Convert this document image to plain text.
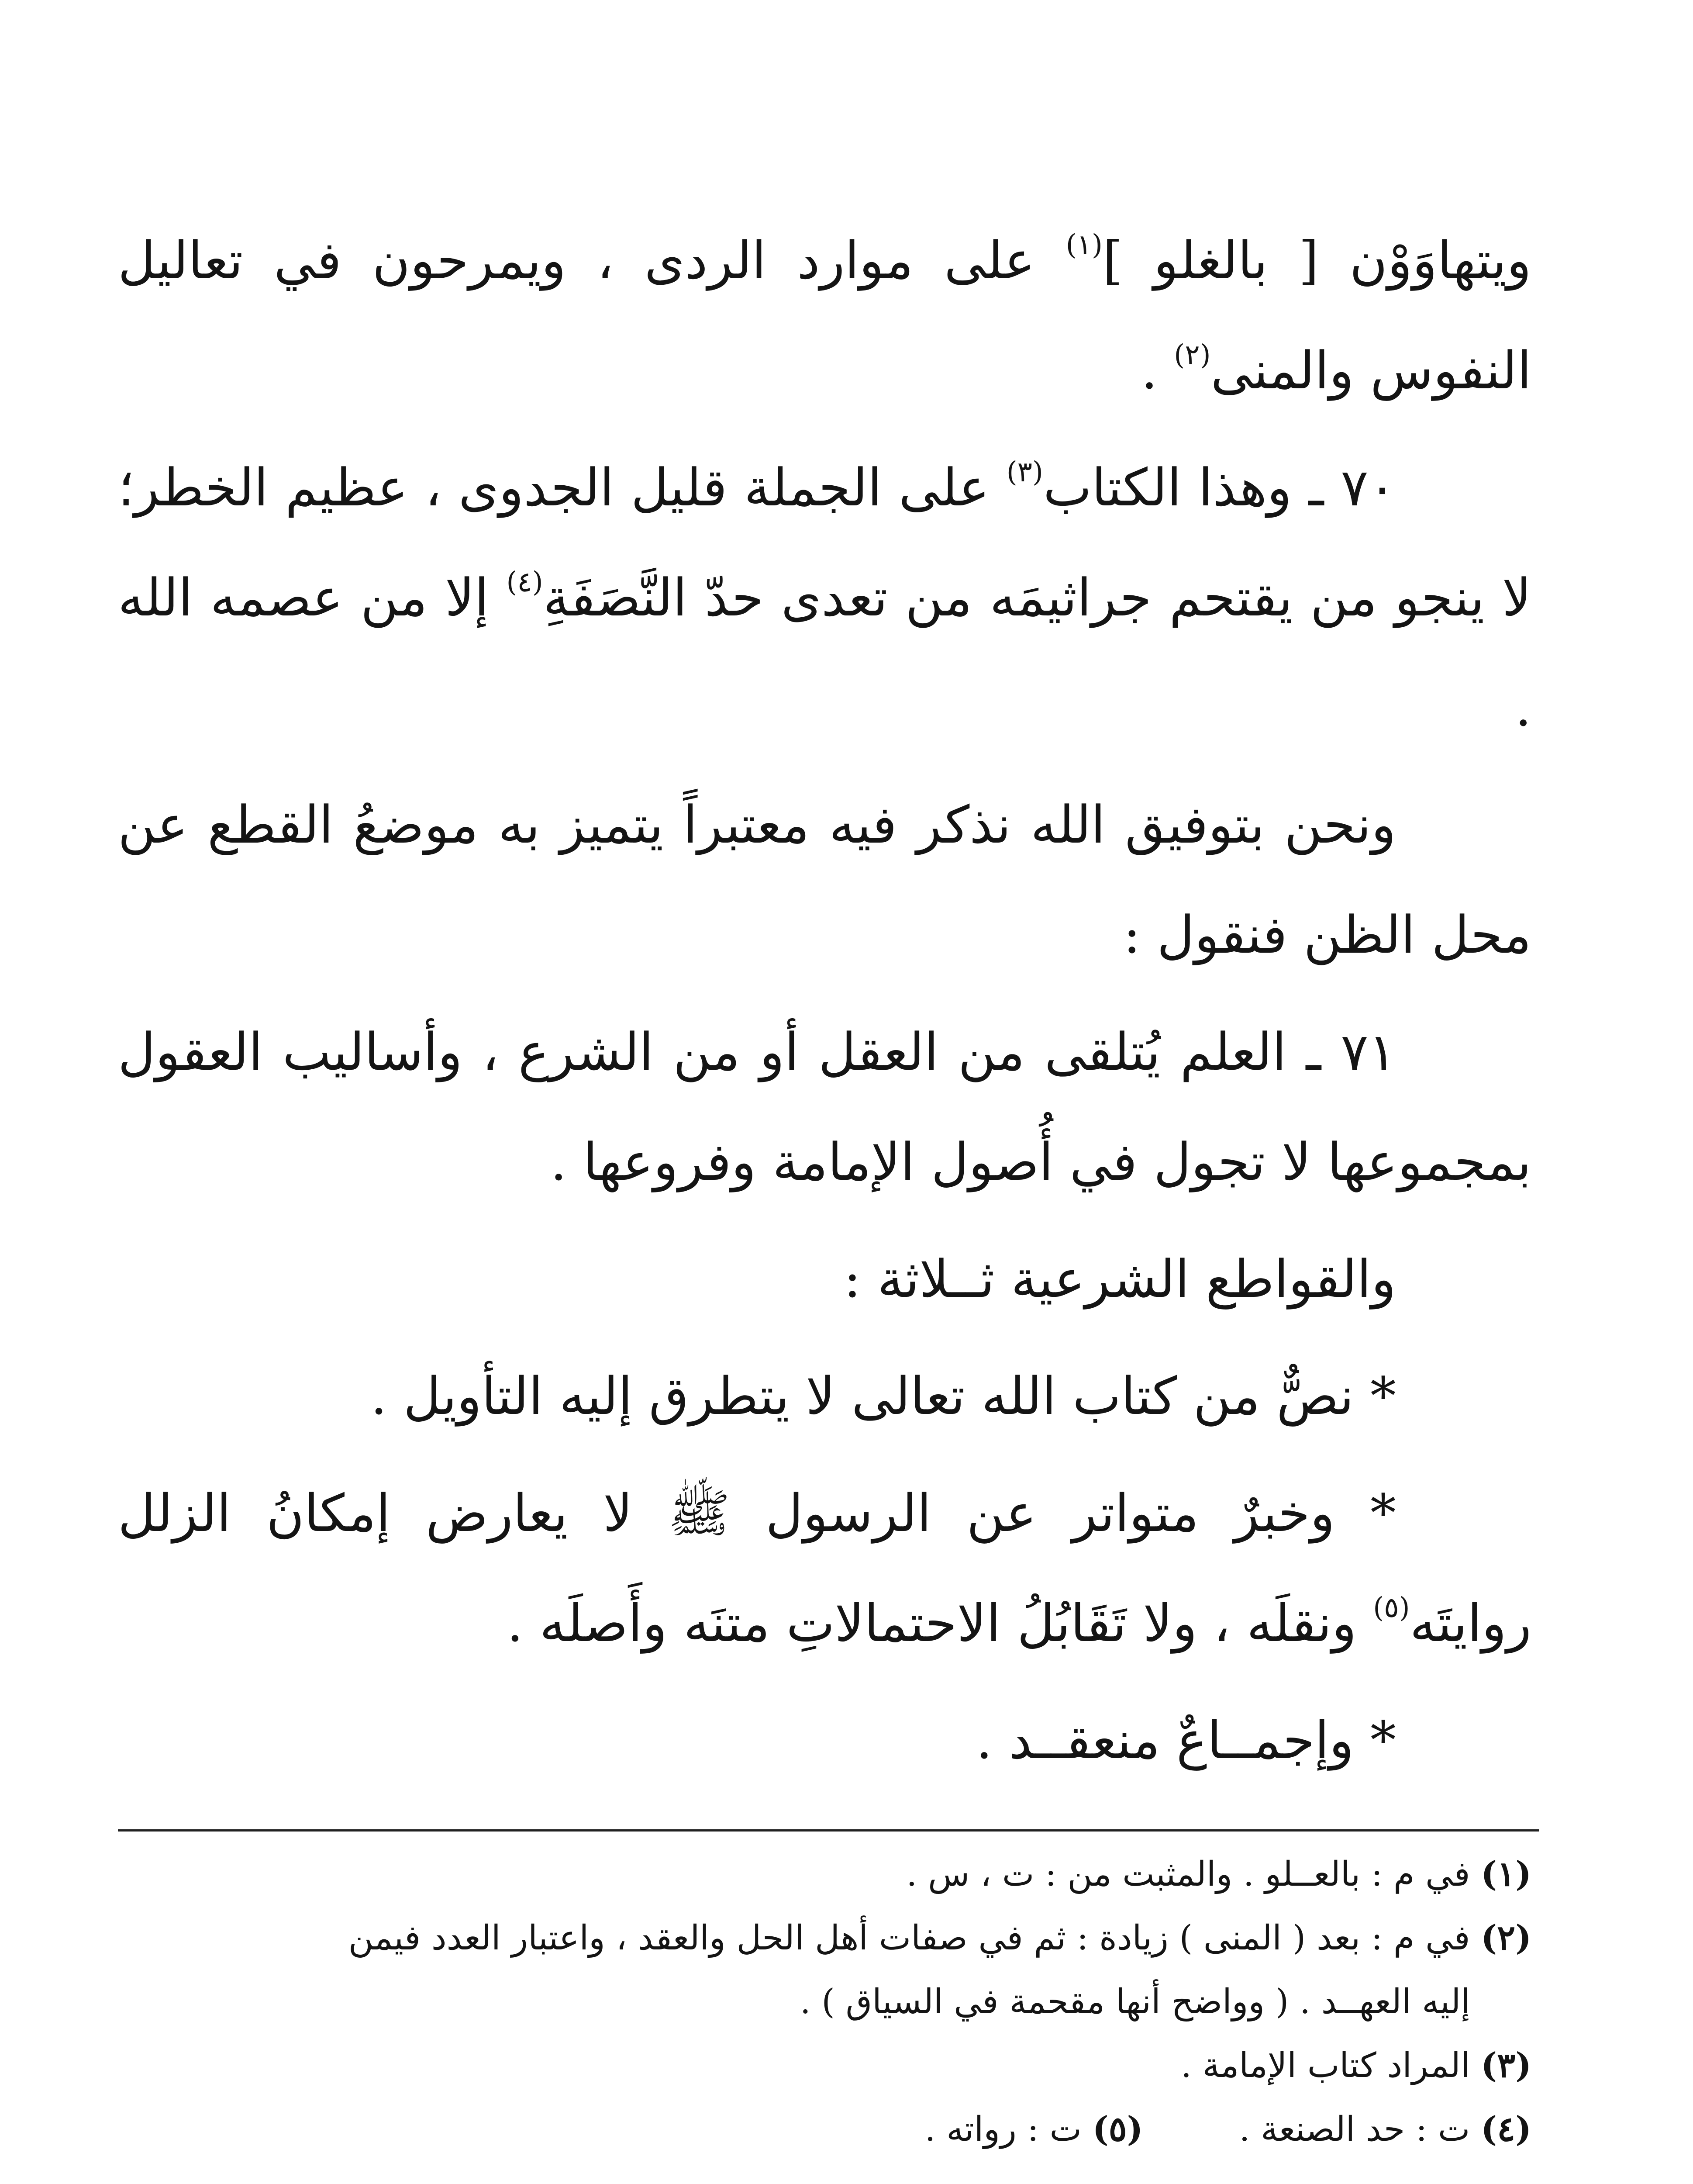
ويتهاوَوْن [ بالغلو ]$^{(١)}$ على موارد الردى ، ويمرحون في تعاليل النفوس والمنى$^{(٢)}$ .

٧٠ ـ وهذا الكتاب$^{(٣)}$ على الجملة قليل الجدوى ، عظيم الخطر؛ لا ينجو من يقتحم جراثيمَه من تعدى حدّ النَّصَفَةِ$^{(٤)}$ إلا من عصمه الله .

ونحن بتوفيق الله نذكر فيه معتبراً يتميز به موضعُ القطع عن محل الظن فنقول :

٧١ ـ العلم يُتلقى من العقل أو من الشرع ، وأساليب العقول بمجموعها لا تجول في أُصول الإمامة وفروعها .

والقواطع الشرعية ثــلاثة :

* نصٌّ من كتاب الله تعالى لا يتطرق إليه التأويل .

* وخبرٌ متواتر عن الرسول ﷺ لا يعارض إمكانُ الزلل روايتَه$^{(٥)}$ ونقلَه ، ولا تَقَابُلُ الاحتمالاتِ متنَه وأَصلَه .

* وإجمــاعٌ منعقــد .

(١) في م : بالعــلو . والمثبت من : ت ، س .

(٢) في م : بعد ( المنى ) زيادة : ثم في صفات أهل الحل والعقد ، واعتبار العدد فيمن

إليه العهــد . ( وواضح أنها مقحمة في السياق ) .

(٣) المراد كتاب الإمامة .

(٤) ت : حد الصنعة .
(٥) ت : رواته .
